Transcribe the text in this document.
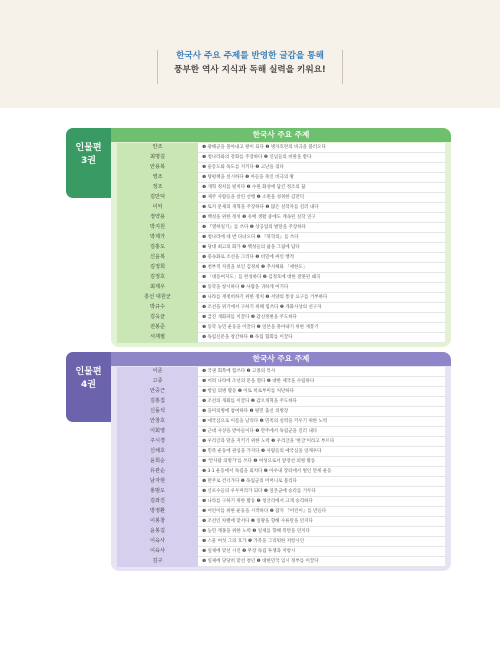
한국사 주요 주제를 반영한 글감을 통해
풍부한 역사 지식과 독해 실력을 키워요!
인물편
3권
한국사 주요 주제
안조	❶ 광해군을 몰아내고 왕이 되다 ❷ 병자호란의 비극을 불러오다
최명길	❶ 청나라와의 강화를 주장하다 ❷ 신념들의 비판을 받다
안용복	❶ 울릉도와 독도를 지키다 ❷ 고난을 겪다
영조	❶ 탕평책을 실시하다 ❷ 아들을 죽인 비극의 왕
정조	❶ 개혁 정치를 펼치다 ❷ 수원 화성에 담긴 정조의 꿈
김만덕	❶ 제주 사람들을 살린 선행 ❷ 소원을 성취한 김만덕
이익	❶ 토지 문제의 개혁을 주장하다 ❷ 많은 실학자를 길러 내다
정약용	❶ 백성을 위한 정치 ❷ 유배 생활 중에도 계속된 실학 연구
박지원	❶ 『열하일기』를 쓰다 ❷ 상공업의 발달을 주장하다
박제가	❶ 청나라에 네 번 다녀오다 ❷ 『북학의』를 쓰다
김홍도	❶ 당대 최고의 화가 ❷ 백성들의 삶을 그림에 담다
신윤복	❶ 풍속화로 조선을 그리다 ❷ 비밀에 싸인 행적
김정희	❶ 천부적 자질을 보인 김정희 ❷ 추사체와 「세한도」
김정호	❶ 「대동여지도」를 완성하다 ❷ 김정호에 대한 잘못된 왜곡
최제우	❶ 동학을 창시하다 ❷ 사람을 귀하게 여기다
흥선 대원군	❶ 나라를 재정비하기 위한 정치 ❷ 서양의 통상 요구를 거부하다
박규수	❶ 조선을 위기에서 구하기 위해 힘쓰다 ❷ 개화사상의 선구자
김옥균	❶ 급진 개화파를 이끌다 ❷ 갑신정변을 주도하다
전봉준	❶ 동학 농민 운동을 이끌다 ❷ 일본을 몰아내기 위한 재봉기
서재필	❶ 독립신문을 창간하다 ❷ 독립 협회를 이끌다
인물편
4권
한국사 주요 주제
이준	❶ 국권 회복에 힘쓰다 ❷ 고종의 특사
고종	❶ 어려 나라에 조선의 문을 열다 ❷ 대한 제국을 수립하다
안중근	❶ 항일 의병 활동 ❷ 이토 히로부미를 처단하다
김홍집	❶ 조선의 개화를 이끌다 ❷ 갑오개혁을 주도하다
신돌석	❶ 을미의병에 참여하다 ❷ 평민 출신 의병장
안창호	❶ 애국심으로 이름을 날리다 ❷ 민족의 실력을 키우기 위한 노력
이회영	❶ 근대 사상을 받아들이다 ❷ 만주에서 독립군을 길러 내다
주시경	❶ 우리글과 말을 지키기 위한 노력 ❷ 우리글을 '한글'이라고 부르다
신채호	❶ 민족 운동에 관심을 가지다 ❷ 사람들의 애국심을 일깨우다
윤희순	❶ '안사람 의병가'를 쓰다 ❷ 여성으로서 앞장선 의병 활동
유관순	❶ 3·1 운동에서 독립을 외치다 ❷ 아우내 장터에서 벌인 만세 운동
남자현	❶ 만주로 건너가다 ❷ 독립군의 어머니로 불리다
홍범도	❶ 산포수들의 우두머리가 되다 ❷ 일본군에 승리를 거두다
김좌진	❶ 나라를 구하기 위한 활동 ❷ 청산리에서 크게 승리하다
방정환	❶ 어린이를 위한 운동을 시작하다 ❷ 잡지 『어린이』를 만들다
이봉창	❶ 조선인 차별에 맞서다 ❷ 일왕을 향해 수류탄을 던지다
윤봉길	❶ 농민 계몽을 위한 노력 ❷ 일제를 향해 폭탄을 던지다
이육사	❶ 스물 여섯 그의 호가 ❷ 가족을 그리워한 저항시인
이육사	❶ 일제에 맞선 시인 ❷ 무장 독립 투쟁과 저항시
김구	❶ 일제에 당당히 맞선 청년 ❷ 대한민국 임시 정부를 이끌다
